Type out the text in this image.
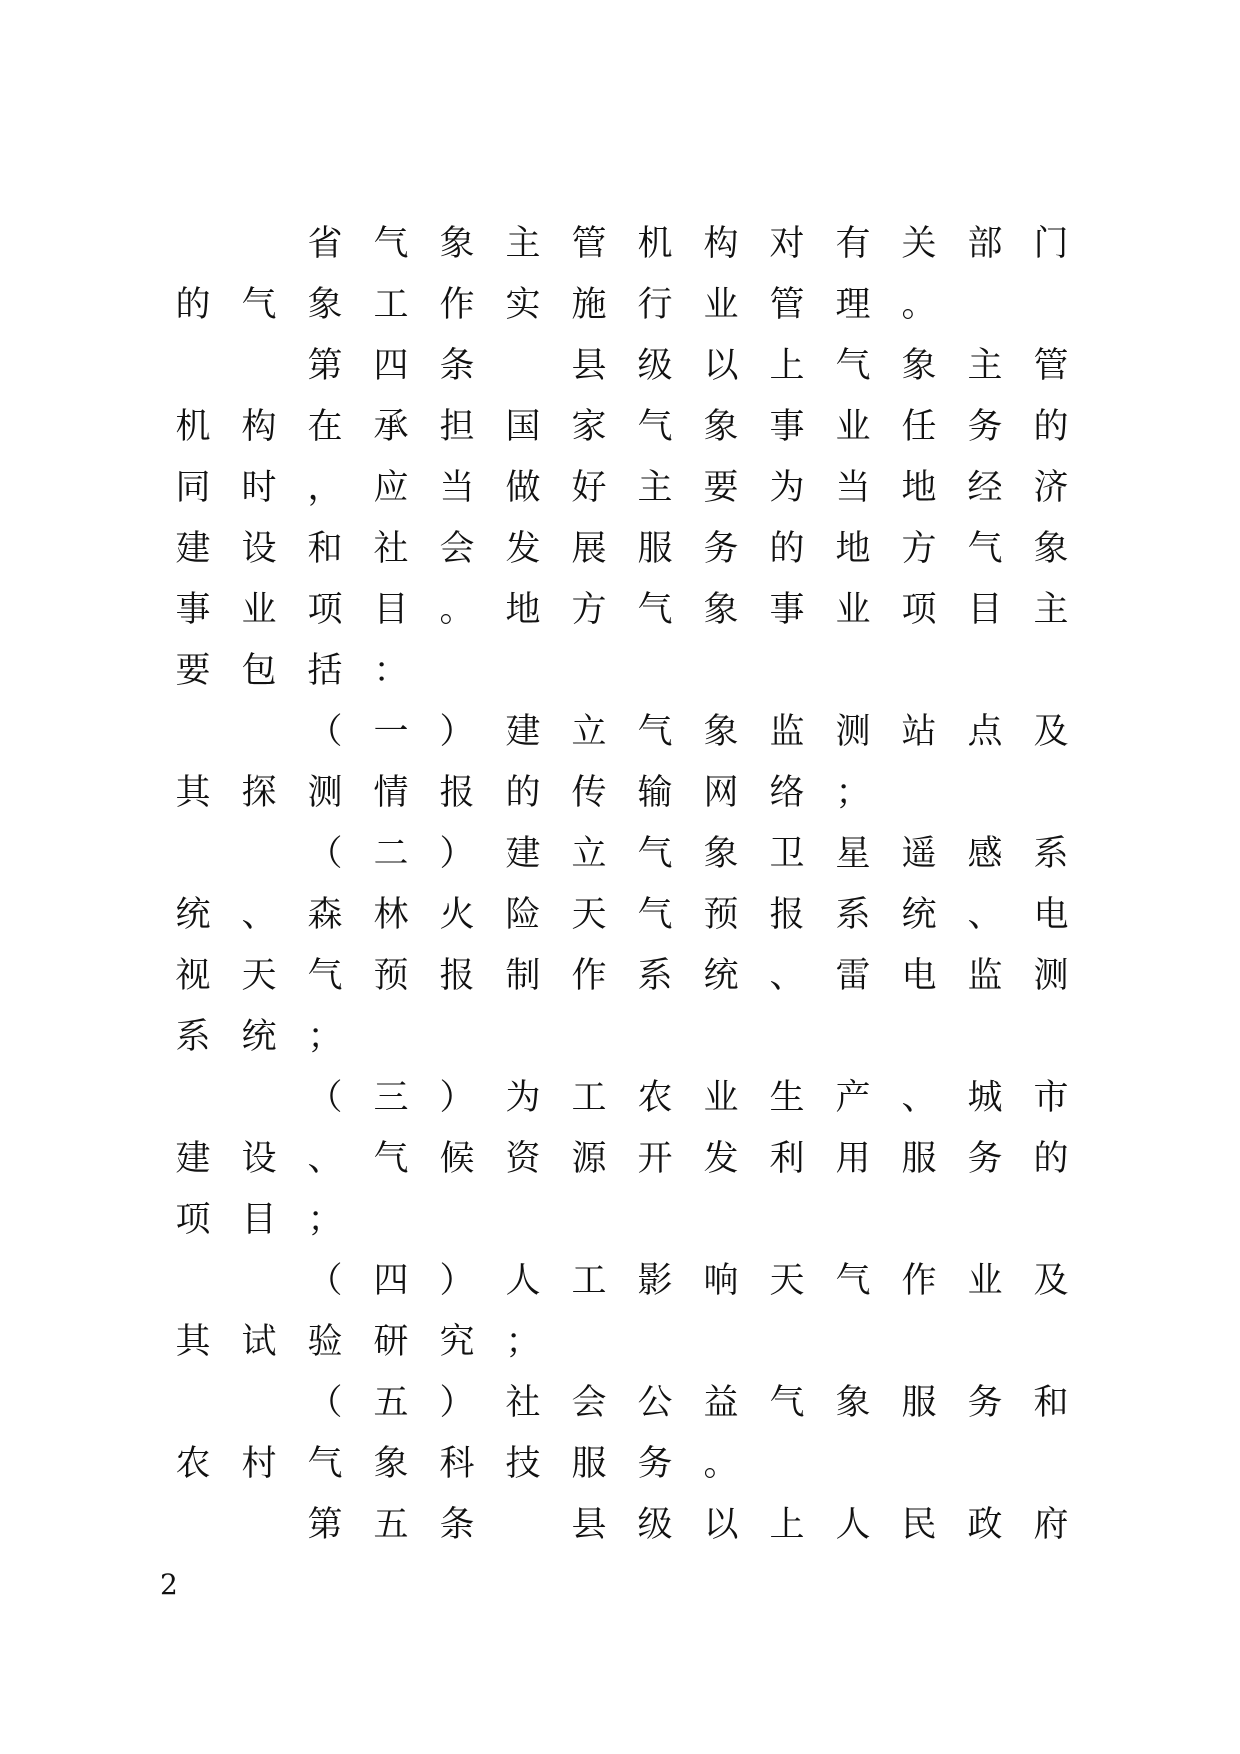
省 气 象 主 管 机 构 对 有 关 部 门
的 气 象 工 作 实 施 行 业 管 理 。
第 四 条
	县 级 以 上 气 象 主 管
机 构 在 承 担 国 家 气 象 事 业 任 务 的
同 时 ， 应 当 做 好 主 要 为 当 地 经 济
建 设 和 社 会 发 展 服 务 的 地 方 气 象
事 业 项 目 。 地 方 气 象 事 业 项 目 主
要 包 括 ：
（ 一 ） 建 立 气 象 监 测 站 点 及
其 探 测 情 报 的 传 输 网 络 ；
（ 二 ） 建 立 气 象 卫 星 遥 感 系
统 、 森 林 火 险 天 气 预 报 系 统 、 电
视 天 气 预 报 制 作 系 统 、 雷 电 监 测
系 统 ；
（ 三 ） 为 工 农 业 生 产 、 城 市
建 设 、 气 候 资 源 开 发 利 用 服 务 的
项 目 ；
（ 四 ） 人 工 影 响 天 气 作 业 及
其 试 验 研 究 ；
（ 五 ） 社 会 公 益 气 象 服 务 和
农 村 气 象 科 技 服 务 。
第 五 条
	县 级 以 上 人 民 政 府
2
